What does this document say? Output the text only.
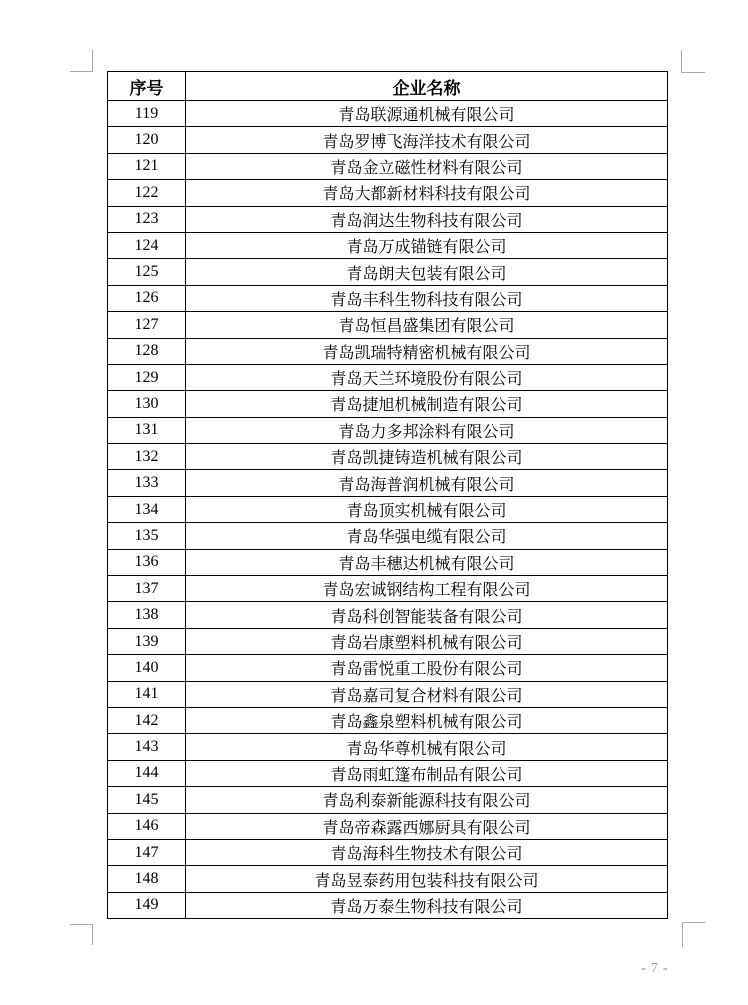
序号	企业名称
119	青岛联源通机械有限公司
120	青岛罗博飞海洋技术有限公司
121	青岛金立磁性材料有限公司
122	青岛大都新材料科技有限公司
123	青岛润达生物科技有限公司
124	青岛万成锚链有限公司
125	青岛朗夫包装有限公司
126	青岛丰科生物科技有限公司
127	青岛恒昌盛集团有限公司
128	青岛凯瑞特精密机械有限公司
129	青岛天兰环境股份有限公司
130	青岛捷旭机械制造有限公司
131	青岛力多邦涂料有限公司
132	青岛凯捷铸造机械有限公司
133	青岛海普润机械有限公司
134	青岛顶实机械有限公司
135	青岛华强电缆有限公司
136	青岛丰穗达机械有限公司
137	青岛宏诚钢结构工程有限公司
138	青岛科创智能装备有限公司
139	青岛岩康塑料机械有限公司
140	青岛雷悦重工股份有限公司
141	青岛嘉司复合材料有限公司
142	青岛鑫泉塑料机械有限公司
143	青岛华尊机械有限公司
144	青岛雨虹篷布制品有限公司
145	青岛利泰新能源科技有限公司
146	青岛帝森露西娜厨具有限公司
147	青岛海科生物技术有限公司
148	青岛昱泰药用包装科技有限公司
149	青岛万泰生物科技有限公司
- 7 -
